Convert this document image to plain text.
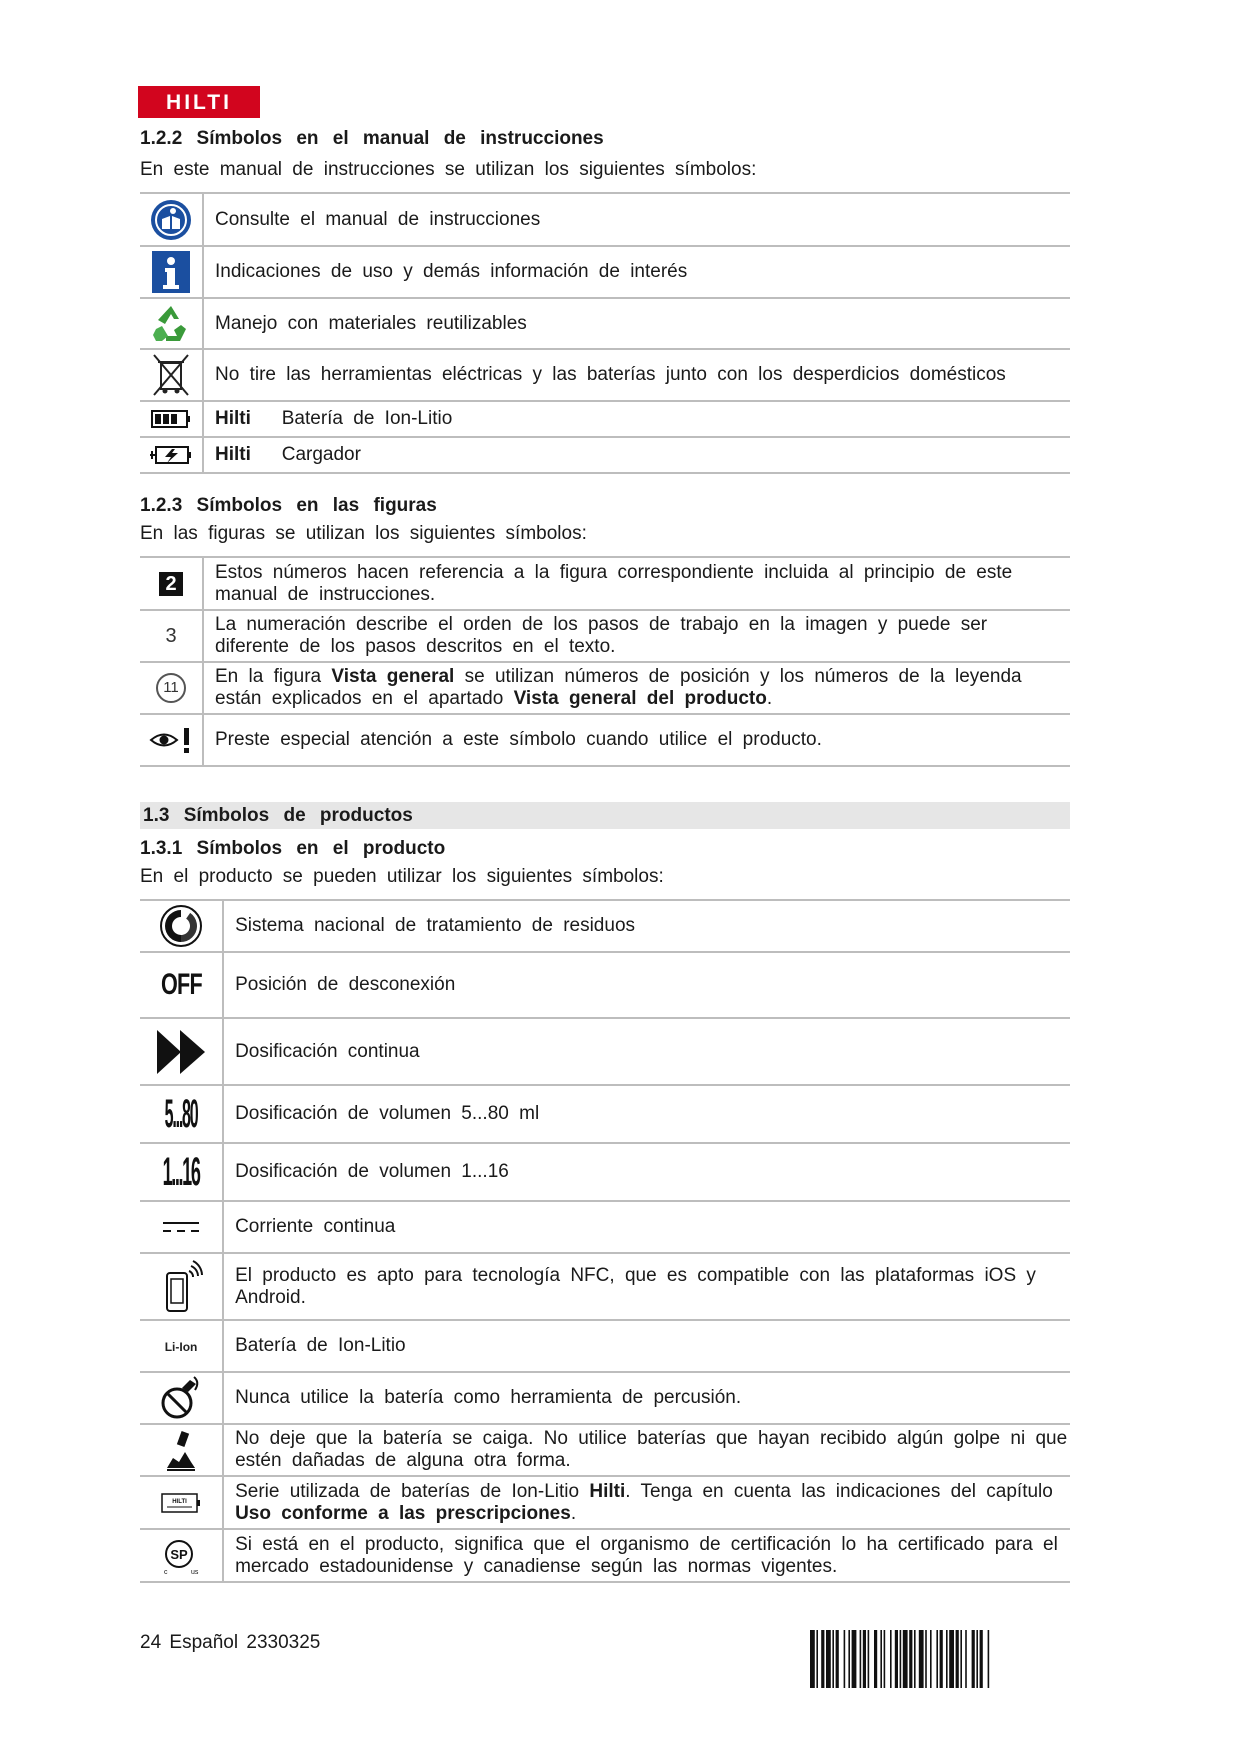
HILTI
1.2.2 Símbolos en el manual de instrucciones
En este manual de instrucciones se utilizan los siguientes símbolos:
	Consulte el manual de instrucciones

	Indicaciones de uso y demás información de interés

	Manejo con materiales reutilizables

	No tire las herramientas eléctricas y las baterías junto con los desperdicios domésticos

	Hilti Batería de Ion-Litio

	Hilti Cargador
1.2.3 Símbolos en las figuras
En las figuras se utilizan los siguientes símbolos:
2	Estos números hacen referencia a la figura correspondiente incluida al principio de este manual de instrucciones.
3	La numeración describe el orden de los pasos de trabajo en la imagen y puede ser diferente de los pasos descritos en el texto.
11	En la figura Vista general se utilizan números de posición y los números de la leyenda están explicados en el apartado Vista general del producto.

	Preste especial atención a este símbolo cuando utilice el producto.
1.3 Símbolos de productos
1.3.1 Símbolos en el producto
En el producto se pueden utilizar los siguientes símbolos:
	Sistema nacional de tratamiento de residuos
OFF	Posición de desconexión

	Dosificación continua
5...80	Dosificación de volumen 5...80 ml
1...16	Dosificación de volumen 1...16

	Corriente continua

	El producto es apto para tecnología NFC, que es compatible con las plataformas iOS y Android.
Li-Ion	Batería de Ion-Litio

	Nunca utilice la batería como herramienta de percusión.

	No deje que la batería se caiga. No utilice baterías que hayan recibido algún golpe ni que estén dañadas de alguna otra forma.

HILTI	Serie utilizada de baterías de Ion-Litio Hilti. Tenga en cuenta las indicaciones del capítulo Uso conforme a las prescripciones.

SP
c us	Si está en el producto, significa que el organismo de certificación lo ha certificado para el mercado estadounidense y canadiense según las normas vigentes.
24 Español 2330325
